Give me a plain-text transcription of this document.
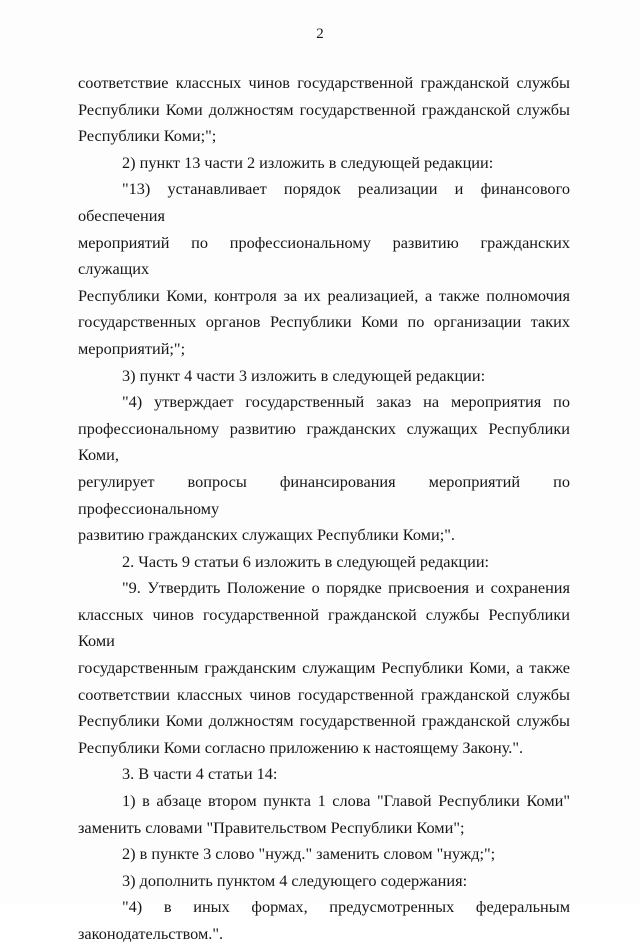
2

соответствие классных чинов государственной гражданской службы

Республики Коми должностям государственной гражданской службы

Республики Коми;";

2) пункт 13 части 2 изложить в следующей редакции:

"13) устанавливает порядок реализации и финансового обеспечения

мероприятий по профессиональному развитию гражданских служащих

Республики Коми, контроля за их реализацией, а также полномочия

государственных органов Республики Коми по организации таких

мероприятий;";

3) пункт 4 части 3 изложить в следующей редакции:

"4) утверждает государственный заказ на мероприятия по

профессиональному развитию гражданских служащих Республики Коми,

регулирует вопросы финансирования мероприятий по профессиональному

развитию гражданских служащих Республики Коми;".

2. Часть 9 статьи 6 изложить в следующей редакции:

"9. Утвердить Положение о порядке присвоения и сохранения

классных чинов государственной гражданской службы Республики Коми

государственным гражданским служащим Республики Коми, а также

соответствии классных чинов государственной гражданской службы

Республики Коми должностям государственной гражданской службы

Республики Коми согласно приложению к настоящему Закону.".

3. В части 4 статьи 14:

1) в абзаце втором пункта 1 слова "Главой Республики Коми"

заменить словами "Правительством Республики Коми";

2) в пункте 3 слово "нужд." заменить словом "нужд;";

3) дополнить пунктом 4 следующего содержания:

"4) в иных формах, предусмотренных федеральным

законодательством.".
